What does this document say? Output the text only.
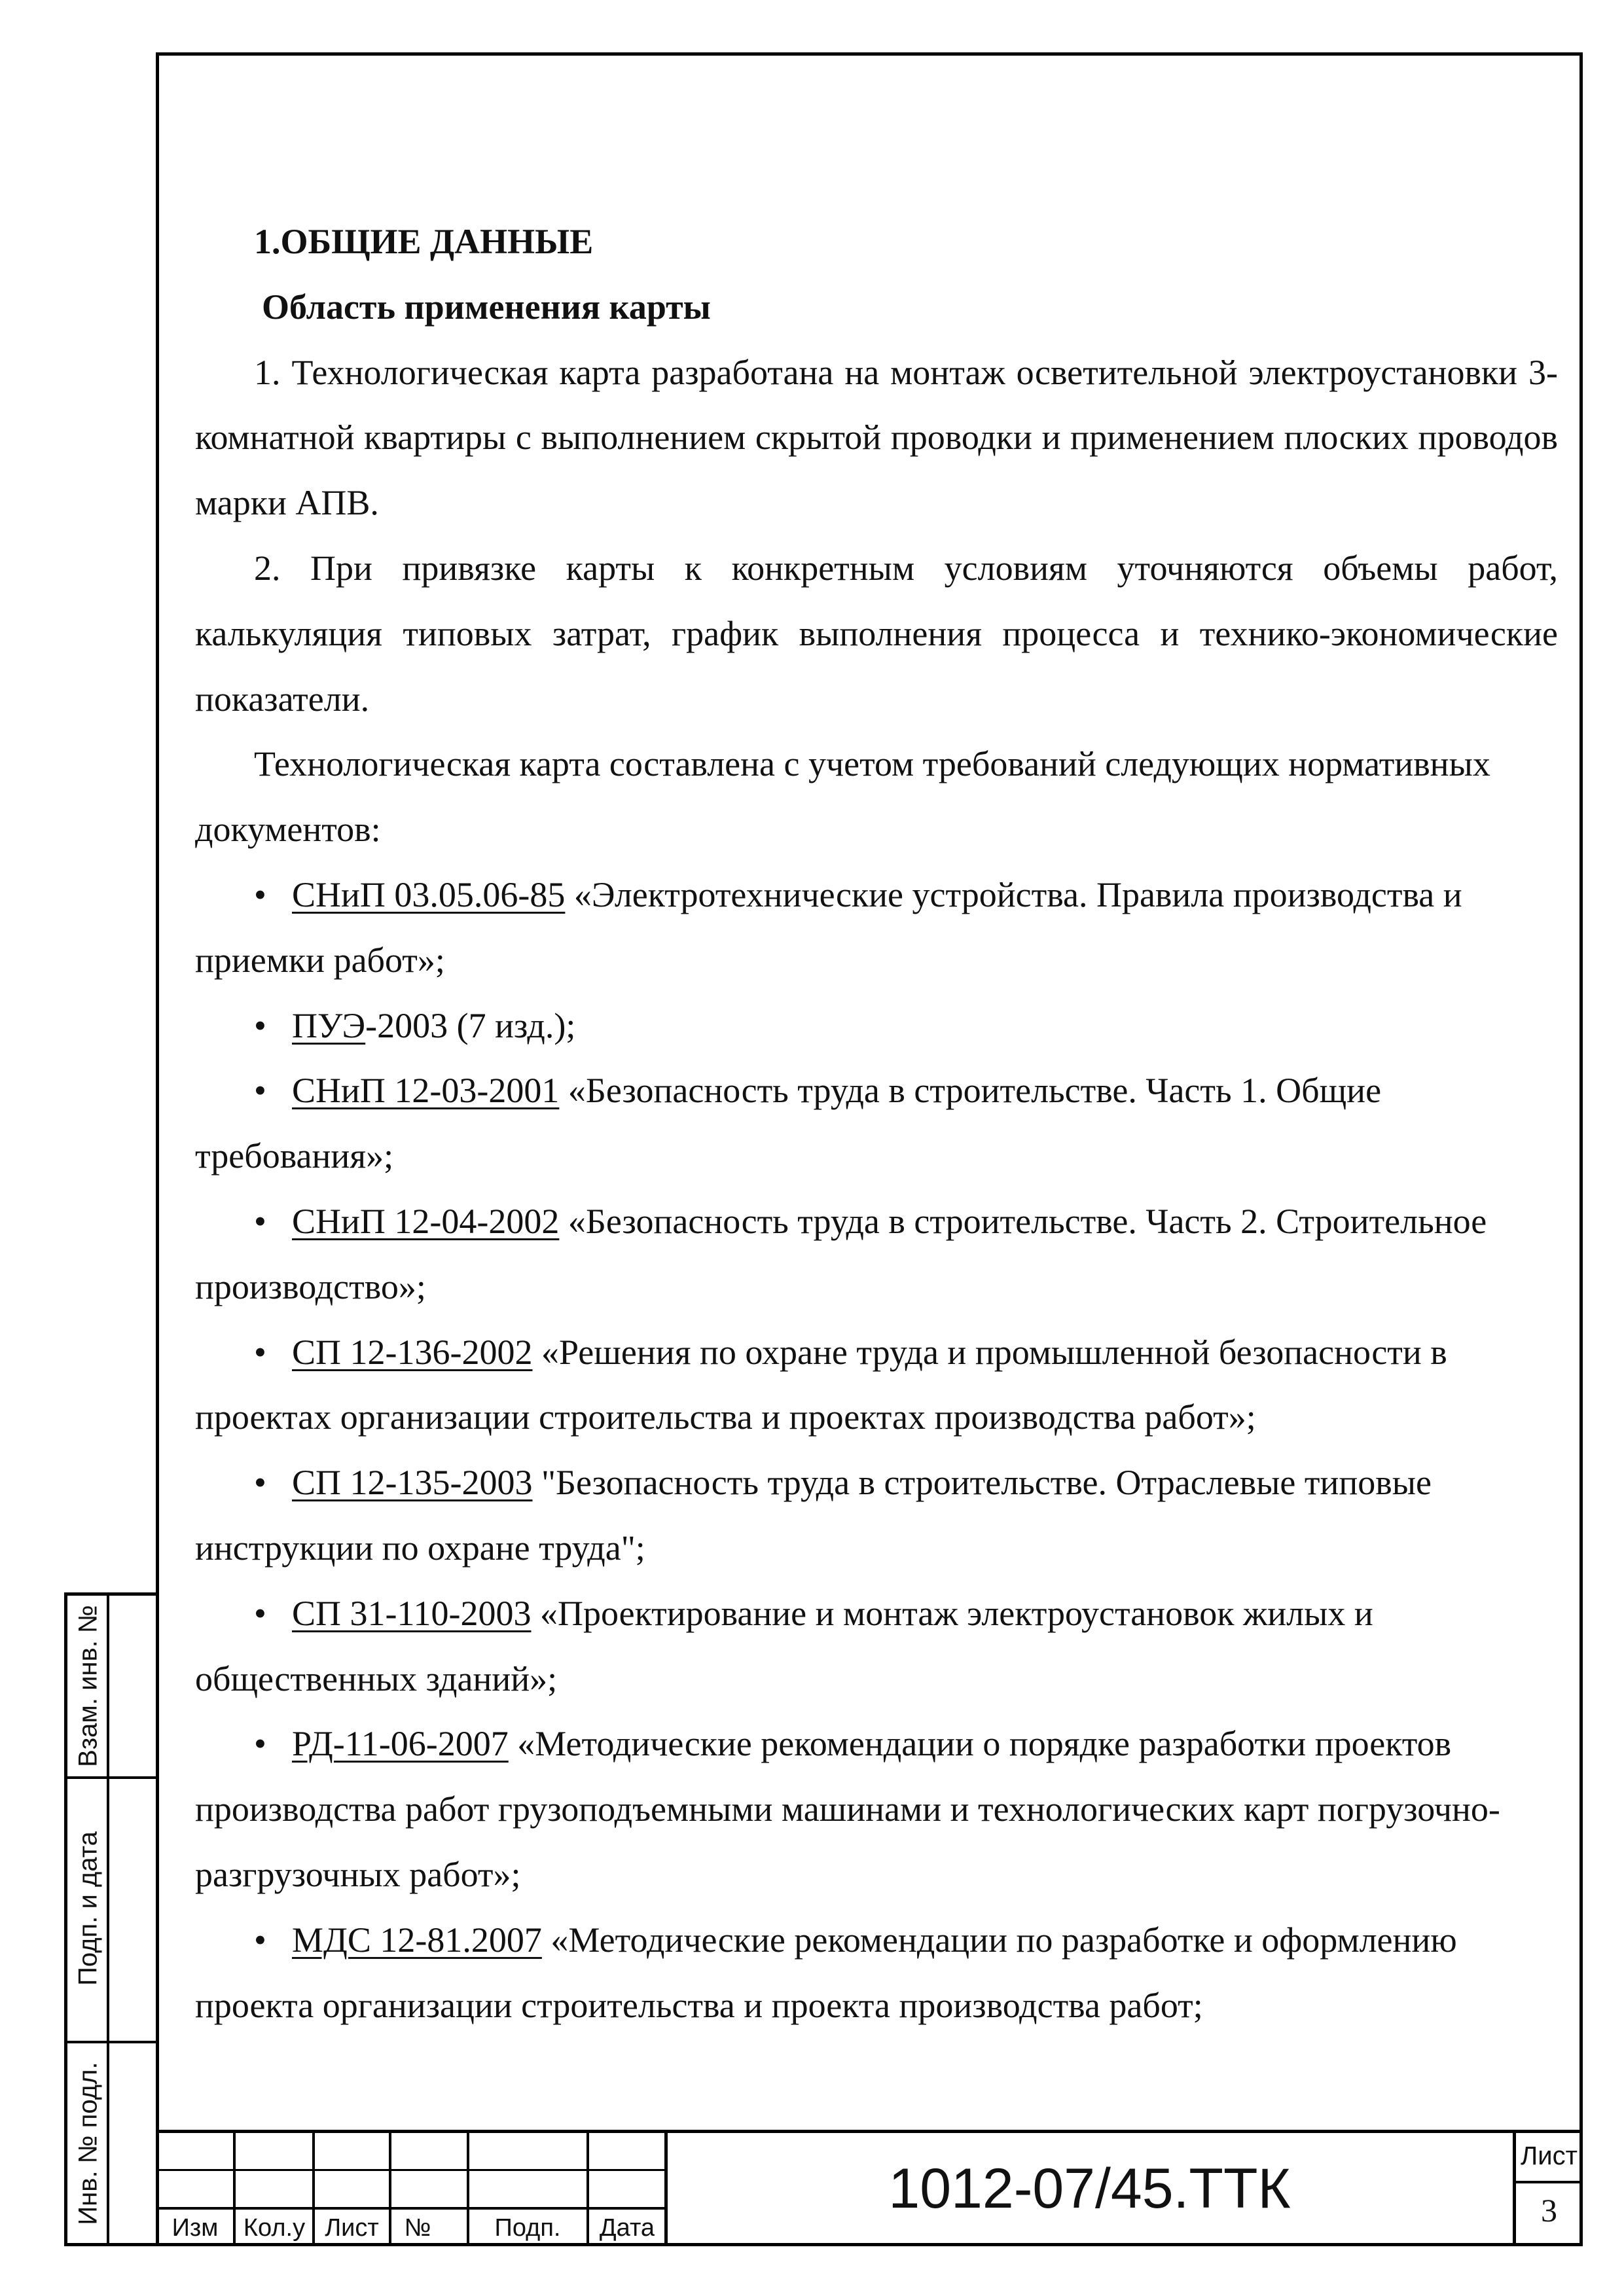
Взам. инв. №
Подп. и дата
Инв. № подл.

1.ОБЩИЕ ДАННЫЕ

Область применения карты

1. Технологическая карта разработана на монтаж осветительной электроустановки 3-комнатной квартиры с выполнением скрытой проводки и применением плоских проводов марки АПВ.

2. При привязке карты к конкретным условиям уточняются объемы работ, калькуляция типовых затрат, график выполнения процесса и технико-экономические показатели.

Технологическая карта составлена с учетом требований следующих нормативных документов:

• СНиП 03.05.06-85 «Электротехнические устройства. Правила производства и приемки работ»;

• ПУЭ-2003 (7 изд.);

• СНиП 12-03-2001 «Безопасность труда в строительстве. Часть 1. Общие требования»;

• СНиП 12-04-2002 «Безопасность труда в строительстве. Часть 2. Строительное производство»;

• СП 12-136-2002 «Решения по охране труда и промышленной безопасности в проектах организации строительства и проектах производства работ»;

• СП 12-135-2003 "Безопасность труда в строительстве. Отраслевые типовые инструкции по охране труда";

• СП 31-110-2003 «Проектирование и монтаж электроустановок жилых и общественных зданий»;

• РД-11-06-2007 «Методические рекомендации о порядке разработки проектов производства работ грузоподъемными машинами и технологических карт погрузочно-разгрузочных работ»;

• МДС 12-81.2007 «Методические рекомендации по разработке и оформлению проекта организации строительства и проекта производства работ;

Изм	Кол.у Лист	№	Подп.	Дата
1012-07/45.ТТК
Лист
3
